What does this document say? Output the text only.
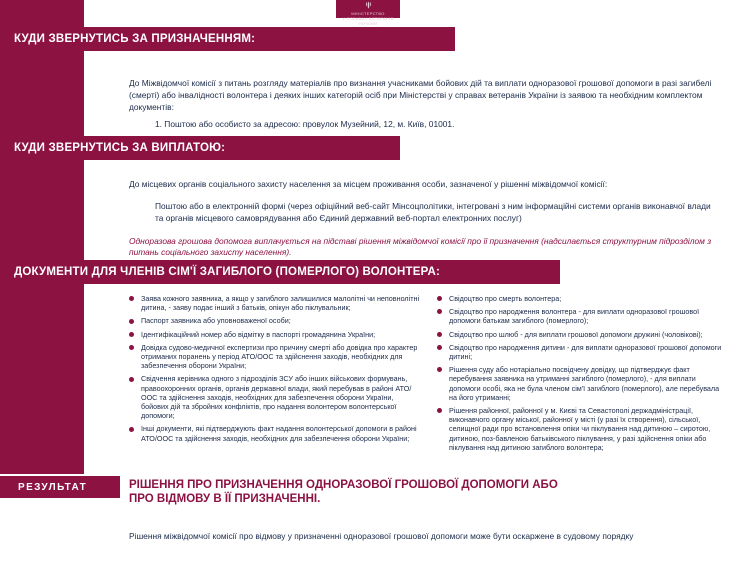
МІНІСТЕРСТВО
У СПРАВАХ ВЕТЕРАНІВ
УКРАЇНИ
КУДИ ЗВЕРНУТИСЬ ЗА ПРИЗНАЧЕННЯМ:
До Міжвідомчої комісії з питань розгляду матеріалів про визнання учасниками бойових дій та виплати одноразової грошової допомоги в разі загибелі (смерті) або інвалідності волонтера і деяких інших категорій осіб при Міністерстві у справах ветеранів України із заявою та необхідним комплектом документів:
1. Поштою або особисто за адресою: провулок Музейний, 12, м. Київ, 01001.
КУДИ ЗВЕРНУТИСЬ ЗА ВИПЛАТОЮ:
До місцевих органів соціального захисту населення за місцем проживання особи, зазначеної у рішенні міжвідомчої комісії:
Поштою або в електронній формі (через офіційний веб-сайт Мінсоцполітики, інтегровані з ним інформаційні системи органів виконавчої влади та органів місцевого самоврядування або Єдиний державний веб-портал електронних послуг)
Одноразова грошова допомога виплачується на підставі рішення міжвідомчої комісії про її призначення (надсилається структурним підрозділом з питань соціального захисту населення).
ДОКУМЕНТИ ДЛЯ ЧЛЕНІВ СІМ'Ї ЗАГИБЛОГО (ПОМЕРЛОГО) ВОЛОНТЕРА:
Заява кожного заявника, а якщо у загиблого залишилися малолітні чи неповнолітні дитина, - заяву подає інший з батьків, опікун або піклувальник;
Паспорт заявника або уповноваженої особи;
Ідентифікаційний номер або відмітку в паспорті громадянина України;
Довідка судово-медичної експертизи про причину смерті або довідка про характер отриманих поранень у період АТО/ООС та здійснення заходів, необхідних для забезпечення оборони України;
Свідчення керівника одного з підрозділів ЗСУ або інших військових формувань, правоохоронних органів, органів державної влади, який перебував в районі АТО/ООС та здійснення заходів, необхідних для забезпечення оборони України, бойових дій та збройних конфліктів, про надання волонтером волонтерської допомоги;
Інші документи, які підтверджують факт надання волонтерської допомоги в районі АТО/ООС та здійснення заходів, необхідних для забезпечення оборони України;
Свідоцтво про смерть волонтера;
Свідоцтво про народження волонтера - для виплати одноразової грошової допомоги батькам загиблого (померлого);
Свідоцтво про шлюб - для виплати грошової допомоги дружині (чоловікові);
Свідоцтво про народження дитини - для виплати одноразової грошової допомоги дитині;
Рішення суду або нотаріально посвідчену довідку, що підтверджує факт перебування заявника на утриманні загиблого (померлого), - для виплати допомоги особі, яка не була членом сім'ї загиблого (померлого), але перебувала на його утриманні;
Рішення районної, районної у м. Києві та Севастополі держадміністрації, виконавчого органу міської, районної у місті (у разі їх створення), сільської, селищної ради про встановлення опіки чи піклування над дитиною – сиротою, дитиною, поз-бавленою батьківського піклування, у разі здійснення опіки або піклування над дитиною загиблого волонтера;
РЕЗУЛЬТАТ	РІШЕННЯ ПРО ПРИЗНАЧЕННЯ ОДНОРАЗОВОЇ ГРОШОВОЇ ДОПОМОГИ АБО
ПРО ВІДМОВУ В ЇЇ ПРИЗНАЧЕННІ.
Рішення міжвідомчої комісії про відмову у призначенні одноразової грошової допомоги може бути оскаржене в судовому порядку
